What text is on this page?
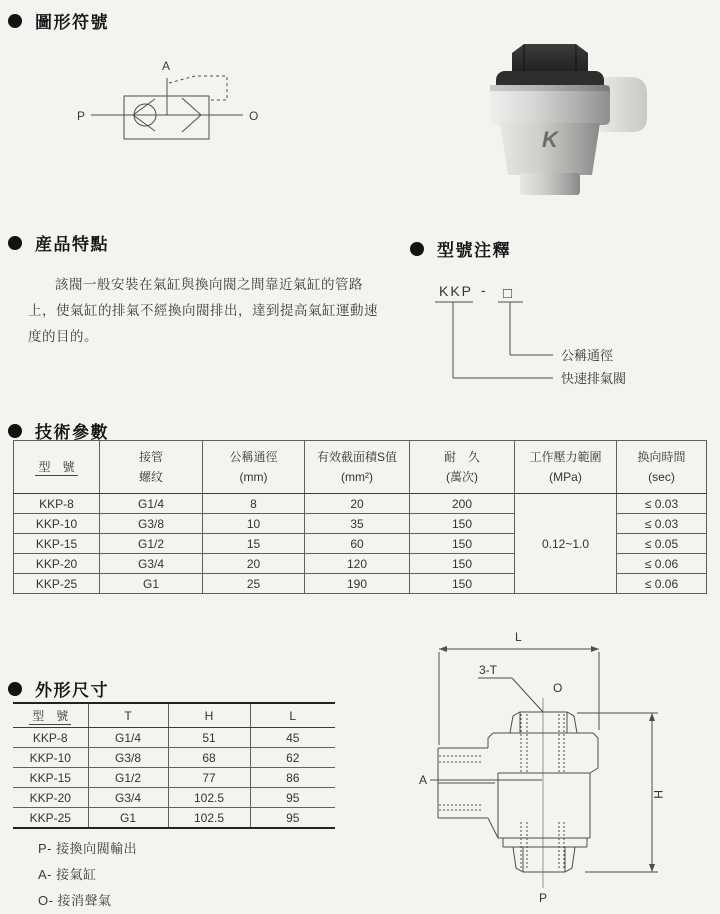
圖形符號
P
A
O
K
産品特點

該閥一般安裝在氣缸與換向閥之間靠近氣缸的管路上，使氣缸的排氣不經換向閥排出，達到提高氣缸運動速度的目的。

型號注釋
KKP - □
公稱通徑
快速排氣閥
技術參數
型　號

接管
螺纹

公稱通徑
(mm)

有效截面積S值
(mm²)

耐　久
(萬次)

工作壓力範圍
(MPa)

换向時間
(sec)

KKP-8	G1/4	8	20	200	0.12~1.0	≤ 0.03
KKP-10	G3/8	10	35	150		≤ 0.03
KKP-15	G1/2	15	60	150		≤ 0.05
KKP-20	G3/4	20	120	150		≤ 0.06
KKP-25	G1	25	190	150		≤ 0.06
外形尺寸
型　號	T	H	L
KKP-8	G1/4	51	45
KKP-10	G3/8	68	62
KKP-15	G1/2	77	86
KKP-20	G3/4	102.5	95
KKP-25	G1	102.5	95
P- 接換向閥輸出
A- 接氣缸
O- 接消聲氣
L
3-T
O
A
H
P
